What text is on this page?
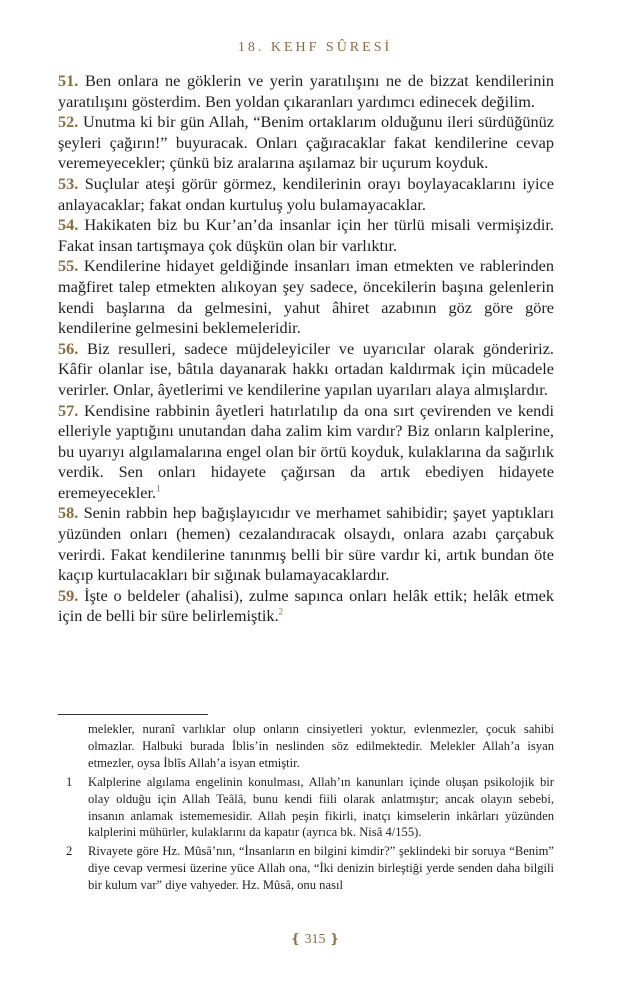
18. KEHF SÛRESİ

51. Ben onlara ne göklerin ve yerin yaratılışını ne de bizzat kendilerinin yaratılışını gösterdim. Ben yoldan çıkaranları yardımcı edinecek değilim.

52. Unutma ki bir gün Allah, “Benim ortaklarım olduğunu ileri sürdüğünüz şeyleri çağırın!” buyuracak. Onları çağıracaklar fakat kendilerine cevap veremeyecekler; çünkü biz aralarına aşılamaz bir uçurum koyduk.

53. Suçlular ateşi görür görmez, kendilerinin orayı boylayacaklarını iyice anlayacaklar; fakat ondan kurtuluş yolu bulamayacaklar.

54. Hakikaten biz bu Kur’an’da insanlar için her türlü misali vermişizdir. Fakat insan tartışmaya çok düşkün olan bir varlıktır.

55. Kendilerine hidayet geldiğinde insanları iman etmekten ve rablerinden mağfiret talep etmekten alıkoyan şey sadece, öncekilerin başına gelenlerin kendi başlarına da gelmesini, yahut âhiret azabının göz göre göre kendilerine gelmesini beklemeleridir.

56. Biz resulleri, sadece müjdeleyiciler ve uyarıcılar olarak göndeririz. Kâfir olanlar ise, bâtıla dayanarak hakkı ortadan kaldırmak için mücadele verirler. Onlar, âyetlerimi ve kendilerine yapılan uyarıları alaya almışlardır.

57. Kendisine rabbinin âyetleri hatırlatılıp da ona sırt çevirenden ve kendi elleriyle yaptığını unutandan daha zalim kim vardır? Biz onların kalplerine, bu uyarıyı algılamalarına engel olan bir örtü koyduk, kulaklarına da sağırlık verdik. Sen onları hidayete çağırsan da artık ebediyen hidayete eremeyecekler.$^1$

58. Senin rabbin hep bağışlayıcıdır ve merhamet sahibidir; şayet yaptıkları yüzünden onları (hemen) cezalandıracak olsaydı, onlara azabı çarçabuk verirdi. Fakat kendilerine tanınmış belli bir süre vardır ki, artık bundan öte kaçıp kurtulacakları bir sığınak bulamayacaklardır.

59. İşte o beldeler (ahalisi), zulme sapınca onları helâk ettik; helâk etmek için de belli bir süre belirlemiştik.$^2$

melekler, nuranî varlıklar olup onların cinsiyetleri yoktur, evlenmezler, çocuk sahibi olmazlar. Halbuki burada İblis’in neslinden söz edilmektedir. Melekler Allah’a isyan etmezler, oysa İblîs Allah’a isyan etmiştir.
1	Kalplerine algılama engelinin konulması, Allah’ın kanunları içinde oluşan psikolojik bir olay olduğu için Allah Teâlâ, bunu kendi fiili olarak anlatmıştır; ancak olayın sebebi, insanın anlamak istememesidir. Allah peşin fikirli, inatçı kimselerin inkârları yüzünden kalplerini mühürler, kulaklarını da kapatır (ayrıca bk. Nisâ 4/155).
2	Rivayete göre Hz. Mûsâ’nın, “İnsanların en bilgini kimdir?” şeklindeki bir soruya “Benim” diye cevap vermesi üzerine yüce Allah ona, “İki denizin birleştiği yerde senden daha bilgili bir kulum var” diye vahyeder. Hz. Mûsâ, onu nasıl
❴ 315 ❵
